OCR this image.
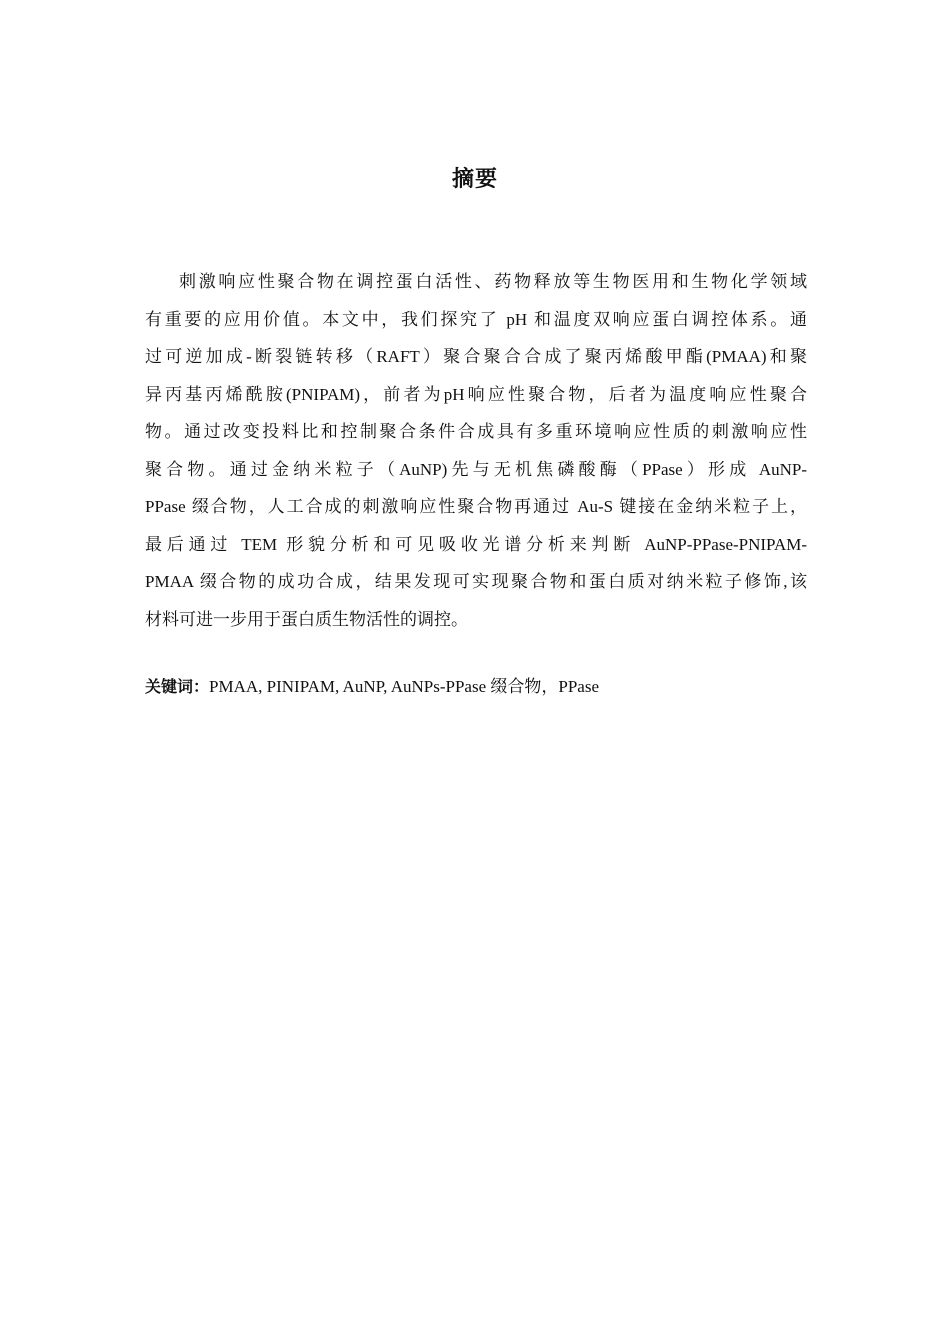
摘要
刺激响应性聚合物在调控蛋白活性、药物释放等生物医用和生物化学领域
有重要的应用价值。本文中，我们探究了 pH 和温度双响应蛋白调控体系。通
过可逆加成-断裂链转移（RAFT）聚合聚合合成了聚丙烯酸甲酯(PMAA)和聚
异丙基丙烯酰胺(PNIPAM)，前者为pH响应性聚合物，后者为温度响应性聚合
物。通过改变投料比和控制聚合条件合成具有多重环境响应性质的刺激响应性
聚合物。通过金纳米粒子（AuNP)先与无机焦磷酸酶（PPase）形成 AuNP-
PPase 缀合物，人工合成的刺激响应性聚合物再通过 Au-S 键接在金纳米粒子上，
最后通过 TEM 形貌分析和可见吸收光谱分析来判断 AuNP-PPase-PNIPAM-
PMAA 缀合物的成功合成，结果发现可实现聚合物和蛋白质对纳米粒子修饰,该
材料可进一步用于蛋白质生物活性的调控。
关键词：PMAA, PINIPAM, AuNP, AuNPs-PPase 缀合物，PPase
